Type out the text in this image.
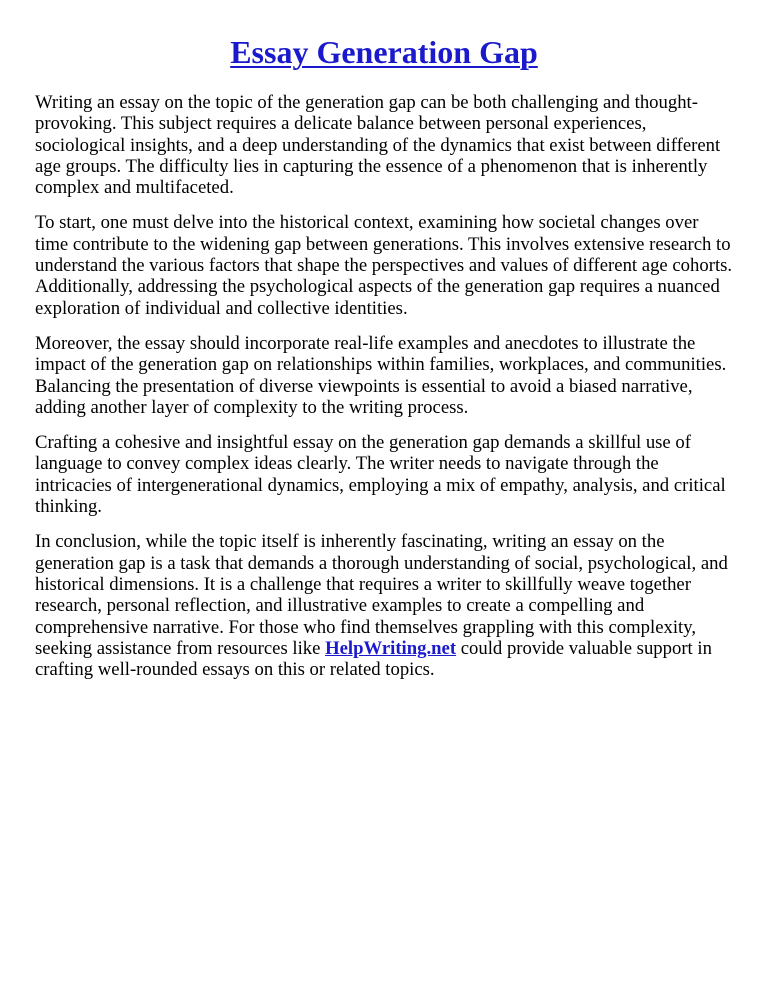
Essay Generation Gap

Writing an essay on the topic of the generation gap can be both challenging and thought-provoking. This subject requires a delicate balance between personal experiences, sociological insights, and a deep understanding of the dynamics that exist between different age groups. The difficulty lies in capturing the essence of a phenomenon that is inherently complex and multifaceted.

To start, one must delve into the historical context, examining how societal changes over time contribute to the widening gap between generations. This involves extensive research to understand the various factors that shape the perspectives and values of different age cohorts. Additionally, addressing the psychological aspects of the generation gap requires a nuanced exploration of individual and collective identities.

Moreover, the essay should incorporate real-life examples and anecdotes to illustrate the impact of the generation gap on relationships within families, workplaces, and communities. Balancing the presentation of diverse viewpoints is essential to avoid a biased narrative, adding another layer of complexity to the writing process.

Crafting a cohesive and insightful essay on the generation gap demands a skillful use of language to convey complex ideas clearly. The writer needs to navigate through the intricacies of intergenerational dynamics, employing a mix of empathy, analysis, and critical thinking.

In conclusion, while the topic itself is inherently fascinating, writing an essay on the generation gap is a task that demands a thorough understanding of social, psychological, and historical dimensions. It is a challenge that requires a writer to skillfully weave together research, personal reflection, and illustrative examples to create a compelling and comprehensive narrative. For those who find themselves grappling with this complexity, seeking assistance from resources like HelpWriting.net could provide valuable support in crafting well-rounded essays on this or related topics.
